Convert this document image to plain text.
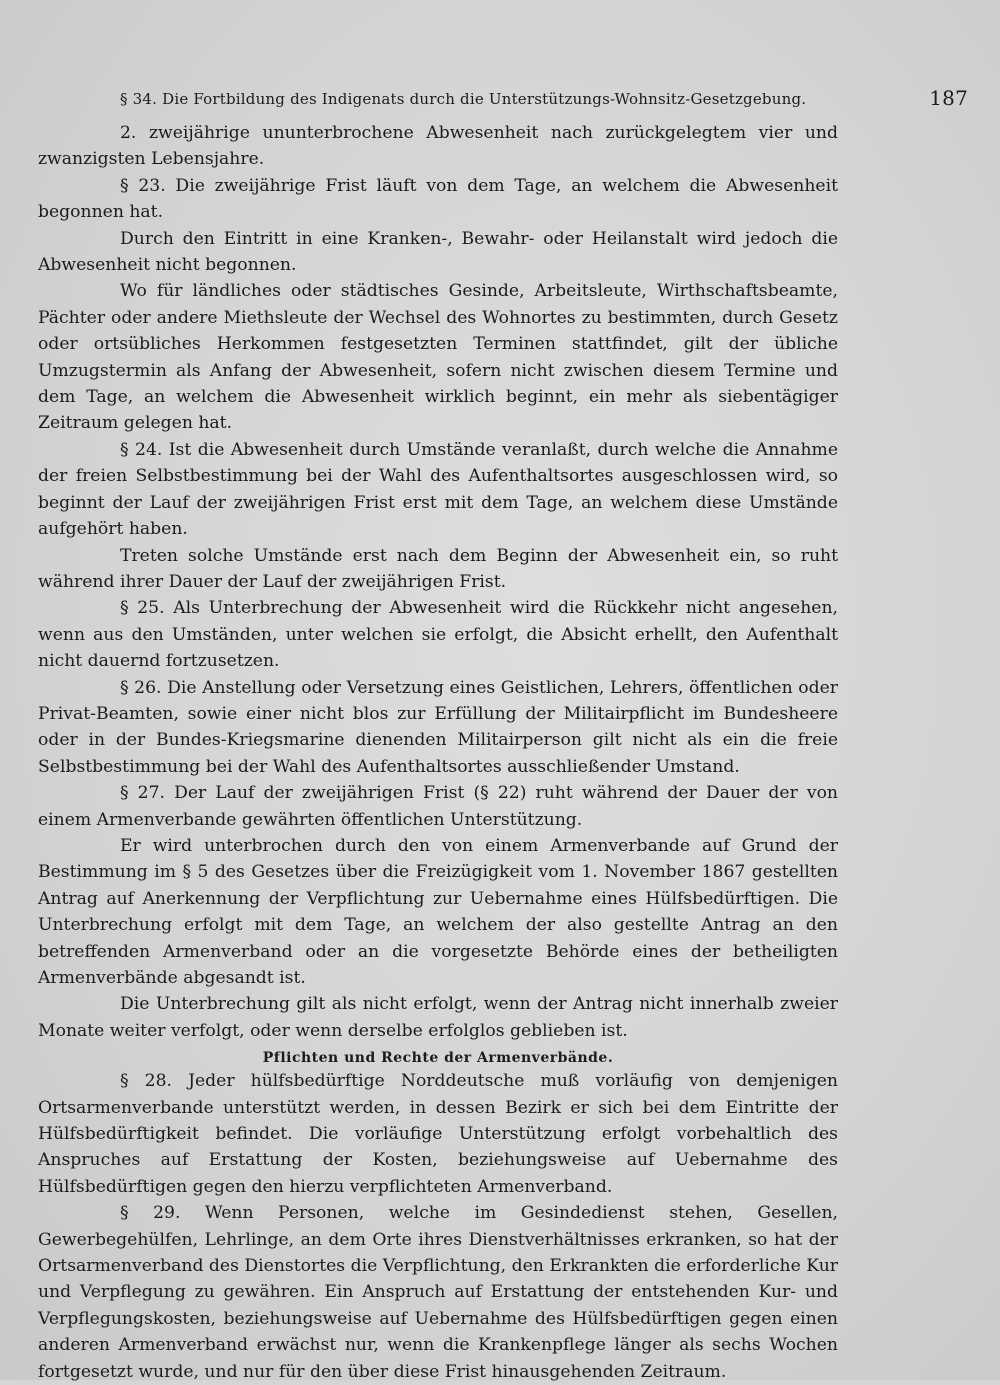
§ 34. Die Fortbildung des Indigenats durch die Unterstützungs-Wohnsitz-Gesetzgebung.	187

2. zweijährige ununterbrochene Abwesenheit nach zurückgelegtem vier und zwanzigsten Lebensjahre.

§ 23. Die zweijährige Frist läuft von dem Tage, an welchem die Abwesenheit begonnen hat.

Durch den Eintritt in eine Kranken-, Bewahr- oder Heilanstalt wird jedoch die Abwesenheit nicht begonnen.

Wo für ländliches oder städtisches Gesinde, Arbeitsleute, Wirthschaftsbeamte, Pächter oder andere Miethsleute der Wechsel des Wohnortes zu bestimmten, durch Gesetz oder ortsübliches Herkommen festgesetzten Terminen stattfindet, gilt der übliche Umzugstermin als Anfang der Abwesenheit, sofern nicht zwischen diesem Termine und dem Tage, an welchem die Abwesenheit wirklich beginnt, ein mehr als siebentägiger Zeitraum gelegen hat.

§ 24. Ist die Abwesenheit durch Umstände veranlaßt, durch welche die Annahme der freien Selbstbestimmung bei der Wahl des Aufenthaltsortes ausgeschlossen wird, so beginnt der Lauf der zweijährigen Frist erst mit dem Tage, an welchem diese Umstände aufgehört haben.

Treten solche Umstände erst nach dem Beginn der Abwesenheit ein, so ruht während ihrer Dauer der Lauf der zweijährigen Frist.

§ 25. Als Unterbrechung der Abwesenheit wird die Rückkehr nicht angesehen, wenn aus den Umständen, unter welchen sie erfolgt, die Absicht erhellt, den Aufenthalt nicht dauernd fortzusetzen.

§ 26. Die Anstellung oder Versetzung eines Geistlichen, Lehrers, öffentlichen oder Privat-Beamten, sowie einer nicht blos zur Erfüllung der Militairpflicht im Bundesheere oder in der Bundes-Kriegsmarine dienenden Militairperson gilt nicht als ein die freie Selbstbestimmung bei der Wahl des Aufenthaltsortes ausschließender Umstand.

§ 27. Der Lauf der zweijährigen Frist (§ 22) ruht während der Dauer der von einem Armenverbande gewährten öffentlichen Unterstützung.

Er wird unterbrochen durch den von einem Armenverbande auf Grund der Bestimmung im § 5 des Gesetzes über die Freizügigkeit vom 1. November 1867 gestellten Antrag auf Anerkennung der Verpflichtung zur Uebernahme eines Hülfsbedürftigen. Die Unterbrechung erfolgt mit dem Tage, an welchem der also gestellte Antrag an den betreffenden Armenverband oder an die vorgesetzte Behörde eines der betheiligten Armenverbände abgesandt ist.

Die Unterbrechung gilt als nicht erfolgt, wenn der Antrag nicht innerhalb zweier Monate weiter verfolgt, oder wenn derselbe erfolglos geblieben ist.

Pflichten und Rechte der Armenverbände.

§ 28. Jeder hülfsbedürftige Norddeutsche muß vorläufig von demjenigen Ortsarmenverbande unterstützt werden, in dessen Bezirk er sich bei dem Eintritte der Hülfsbedürftigkeit befindet. Die vorläufige Unterstützung erfolgt vorbehaltlich des Anspruches auf Erstattung der Kosten, beziehungsweise auf Uebernahme des Hülfsbedürftigen gegen den hierzu verpflichteten Armenverband.

§ 29. Wenn Personen, welche im Gesindedienst stehen, Gesellen, Gewerbegehülfen, Lehrlinge, an dem Orte ihres Dienstverhältnisses erkranken, so hat der Ortsarmenverband des Dienstortes die Verpflichtung, den Erkrankten die erforderliche Kur und Verpflegung zu gewähren. Ein Anspruch auf Erstattung der entstehenden Kur- und Verpflegungskosten, beziehungsweise auf Uebernahme des Hülfsbedürftigen gegen einen anderen Armenverband erwächst nur, wenn die Krankenpflege länger als sechs Wochen fortgesetzt wurde, und nur für den über diese Frist hinausgehenden Zeitraum.
